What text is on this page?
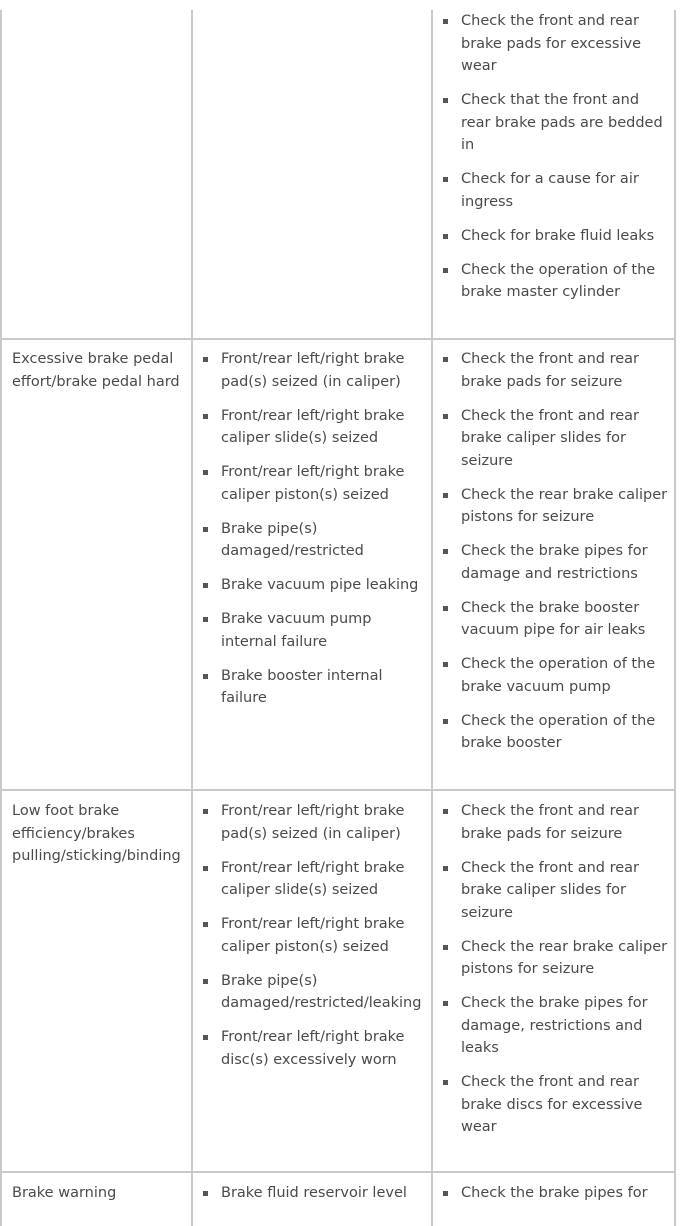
Check the front and rear brake pads for excessive wear
Check that the front and rear brake pads are bedded in
Check for a cause for air ingress
Check for brake fluid leaks
Check the operation of the brake master cylinder

Excessive brake pedal effort/brake pedal hard

Front/rear left/right brake pad(s) seized (in caliper)
Front/rear left/right brake caliper slide(s) seized
Front/rear left/right brake caliper piston(s) seized
Brake pipe(s) damaged/restricted
Brake vacuum pipe leaking
Brake vacuum pump internal failure
Brake booster internal failure
Check the front and rear brake pads for seizure
Check the front and rear brake caliper slides for seizure
Check the rear brake caliper pistons for seizure
Check the brake pipes for damage and restrictions
Check the brake booster vacuum pipe for air leaks
Check the operation of the brake vacuum pump
Check the operation of the brake booster

Low foot brake efficiency/brakes pulling/sticking/binding

Front/rear left/right brake pad(s) seized (in caliper)
Front/rear left/right brake caliper slide(s) seized
Front/rear left/right brake caliper piston(s) seized
Brake pipe(s) damaged/restricted/leaking
Front/rear left/right brake disc(s) excessively worn
Check the front and rear brake pads for seizure
Check the front and rear brake caliper slides for seizure
Check the rear brake caliper pistons for seizure
Check the brake pipes for damage, restrictions and leaks
Check the front and rear brake discs for excessive wear

Brake warning	Brake fluid reservoir level	Check the brake pipes for
